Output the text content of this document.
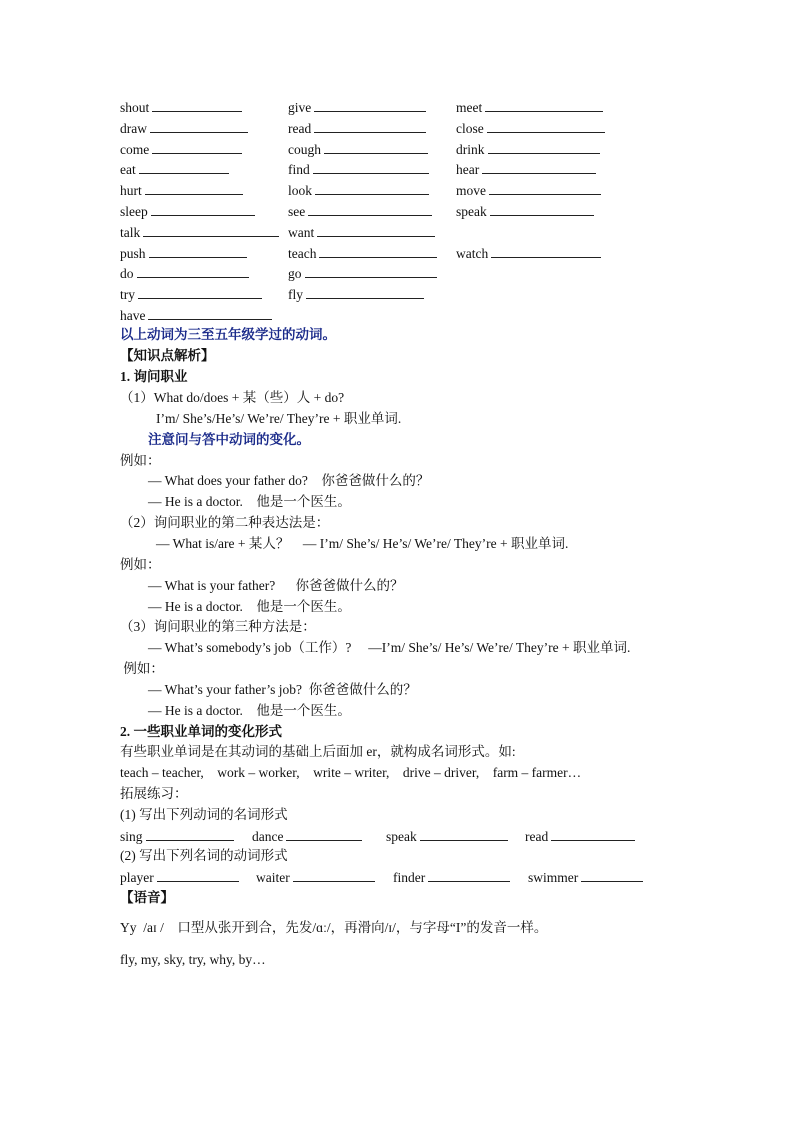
shout	give	meet
draw	read	close
come	cough	drink
eat	find	hear
hurt	look	move
sleep	see	speak
talk	want
push	teach	watch
do	go
try	fly
have
以上动词为三至五年级学过的动词。
【知识点解析】
1. 询问职业
（1）What do/does + 某（些）人 + do?
I’m/ She’s/He’s/ We’re/ They’re + 职业单词.
注意问与答中动词的变化。
例如：
— What does your father do?    你爸爸做什么的？
— He is a doctor.    他是一个医生。
（2）询问职业的第二种表达法是：
— What is/are + 某人？    — I’m/ She’s/ He’s/ We’re/ They’re + 职业单词.
例如：
— What is your father?      你爸爸做什么的？
— He is a doctor.    他是一个医生。
（3）询问职业的第三种方法是：
— What’s somebody’s job（工作）?     —I’m/ She’s/ He’s/ We’re/ They’re + 职业单词.
例如：
— What’s your father’s job?  你爸爸做什么的？
— He is a doctor.    他是一个医生。
2. 一些职业单词的变化形式
有些职业单词是在其动词的基础上后面加 er，就构成名词形式。如:
teach – teacher,    work – worker,    write – writer,    drive – driver,    farm – farmer…
拓展练习：
(1) 写出下列动词的名词形式
sing	dance	speak	read
(2) 写出下列名词的动词形式
player	waiter	finder	swimmer
【语音】
Yy  /aɪ /    口型从张开到合，先发/ɑː/，再滑向/ɪ/，与字母“I”的发音一样。
fly, my, sky, try, why, by…
